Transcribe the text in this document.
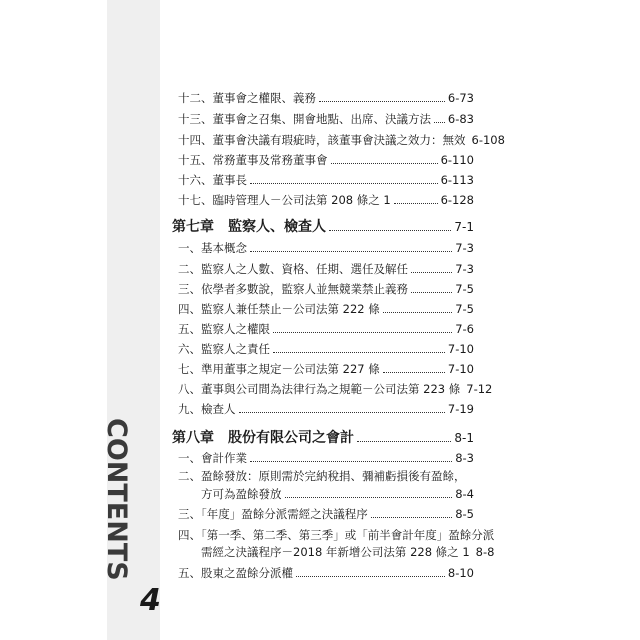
CONTENTS
4
十二、董事會之權限、義務	6-73
十三、董事會之召集、開會地點、出席、決議方法 6-83
十四、董事會決議有瑕疵時，該董事會決議之效力：無效 6-108
十五、常務董事及常務董事會	6-110
十六、董事長	6-113
十七、臨時管理人－公司法第 208 條之 1	6-128
第七章 監察人、檢查人	7-1
一、基本概念	7-3
二、監察人之人數、資格、任期、選任及解任	7-3
三、依學者多數說，監察人並無競業禁止義務	7-5
四、監察人兼任禁止－公司法第 222 條	7-5
五、監察人之權限	7-6
六、監察人之責任	7-10
七、準用董事之規定－公司法第 227 條	7-10
八、董事與公司間為法律行為之規範－公司法第 223 條 7-12
九、檢查人	7-19
第八章 股份有限公司之會計	8-1
一、會計作業	8-3
二、盈餘發放：原則需於完納稅捐、彌補虧損後有盈餘，
方可為盈餘發放	8-4
三、「年度」盈餘分派需經之決議程序	8-5
四、「第一季、第二季、第三季」或「前半會計年度」盈餘分派
需經之決議程序－2018 年新增公司法第 228 條之 1 8-8
五、股東之盈餘分派權	8-10
